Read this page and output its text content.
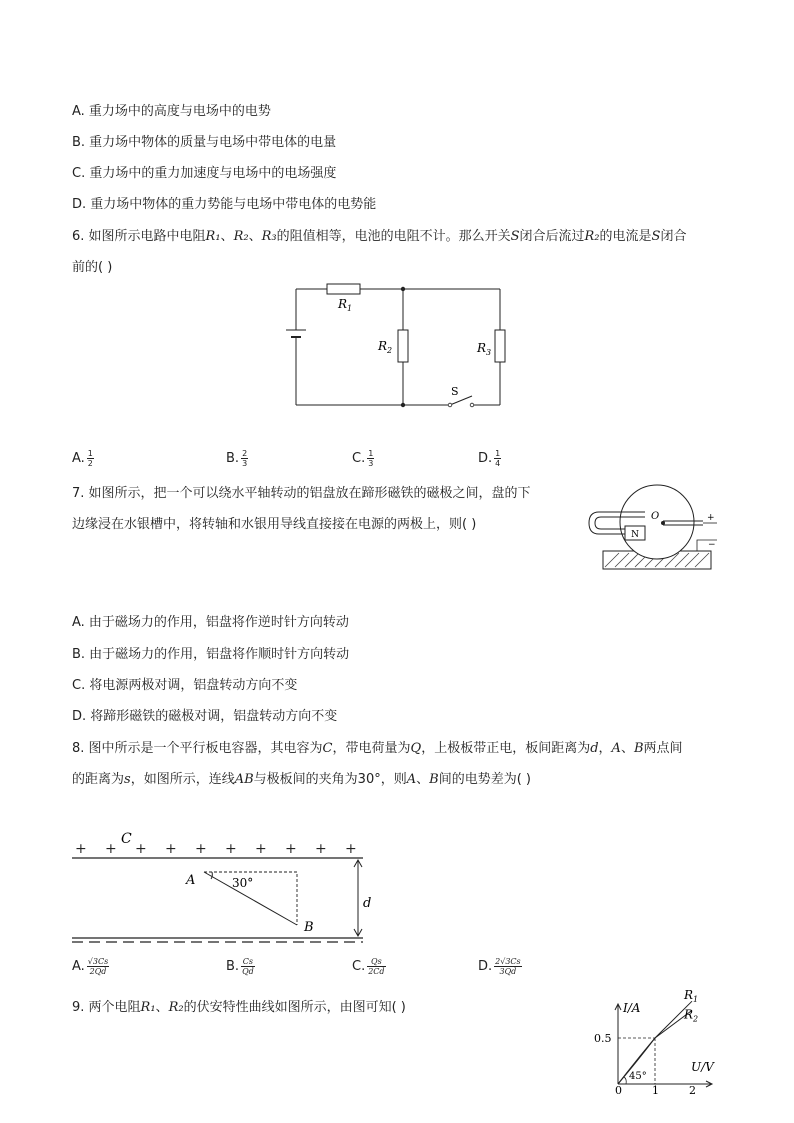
A. 重力场中的高度与电场中的电势
B. 重力场中物体的质量与电场中带电体的电量
C. 重力场中的重力加速度与电场中的电场强度
D. 重力场中物体的重力势能与电场中带电体的电势能
6. 如图所示电路中电阻R₁、R₂、R₃的阻值相等，电池的电阻不计。那么开关S闭合后流过R₂的电流是S闭合
前的( )
$R_1$
$R_2$	$R_3$
S
A. $\frac{1}{2}$	B. $\frac{2}{3}$	C. $\frac{1}{3}$	D. $\frac{1}{4}$
7. 如图所示，把一个可以绕水平轴转动的铝盘放在蹄形磁铁的磁极之间，盘的下
边缘浸在水银槽中，将转轴和水银用导线直接接在电源的两极上，则( )
N
O	+
−
A. 由于磁场力的作用，铝盘将作逆时针方向转动
B. 由于磁场力的作用，铝盘将作顺时针方向转动
C. 将电源两极对调，铝盘转动方向不变
D. 将蹄形磁铁的磁极对调，铝盘转动方向不变
8. 图中所示是一个平行板电容器，其电容为C，带电荷量为Q，上极板带正电，板间距离为d，A、B两点间
的距离为s，如图所示，连线AB与极板间的夹角为30°，则A、B间的电势差为( )
+ + + + + + + + + +
C
d
30°
A
B
A. $\frac{√3Cs}{2Qd}$	B. $\frac{Cs}{Qd}$	C. $\frac{Qs}{2Cd}$	D. $\frac{2√3Cs}{3Qd}$
9. 两个电阻R₁、R₂的伏安特性曲线如图所示，由图可知( )	I/A
U/V
45°
0	1	2
0.5
$R_1$
$R_2$
